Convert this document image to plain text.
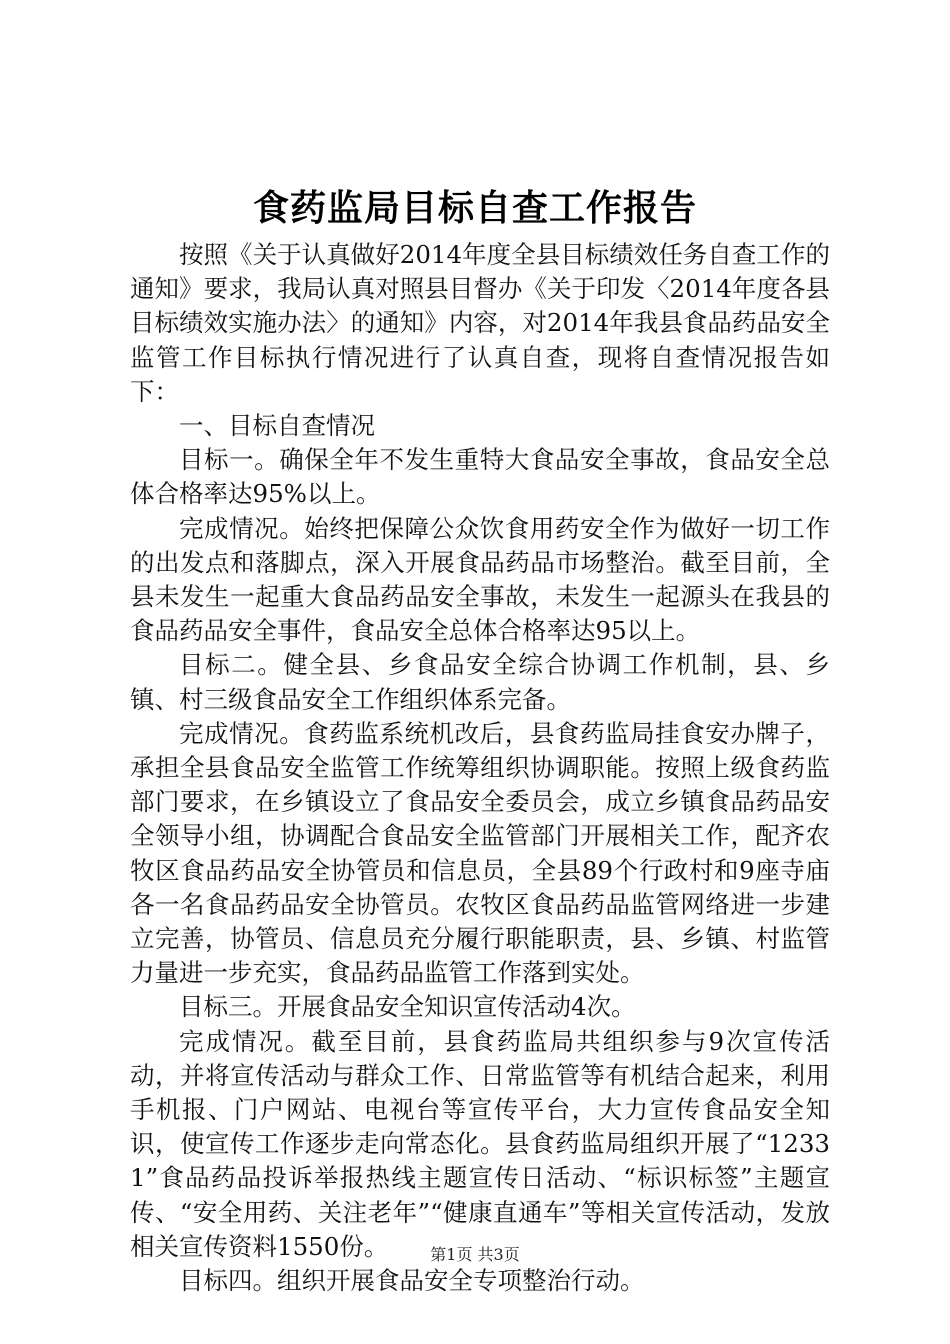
食药监局目标自查工作报告

按照《关于认真做好2014年度全县目标绩效任务自查工作的通知》要求，我局认真对照县目督办《关于印发〈2014年度各县目标绩效实施办法〉的通知》内容，对2014年我县食品药品安全监管工作目标执行情况进行了认真自查，现将自查情况报告如下：

一、目标自查情况

目标一。确保全年不发生重特大食品安全事故，食品安全总体合格率达95%以上。

完成情况。始终把保障公众饮食用药安全作为做好一切工作的出发点和落脚点，深入开展食品药品市场整治。截至目前，全县未发生一起重大食品药品安全事故，未发生一起源头在我县的食品药品安全事件，食品安全总体合格率达95以上。

目标二。健全县、乡食品安全综合协调工作机制，县、乡镇、村三级食品安全工作组织体系完备。

完成情况。食药监系统机改后，县食药监局挂食安办牌子，承担全县食品安全监管工作统筹组织协调职能。按照上级食药监部门要求，在乡镇设立了食品安全委员会，成立乡镇食品药品安全领导小组，协调配合食品安全监管部门开展相关工作，配齐农牧区食品药品安全协管员和信息员，全县89个行政村和9座寺庙各一名食品药品安全协管员。农牧区食品药品监管网络进一步建立完善，协管员、信息员充分履行职能职责，县、乡镇、村监管力量进一步充实，食品药品监管工作落到实处。

目标三。开展食品安全知识宣传活动4次。

完成情况。截至目前，县食药监局共组织参与9次宣传活动，并将宣传活动与群众工作、日常监管等有机结合起来，利用手机报、门户网站、电视台等宣传平台，大力宣传食品安全知识，使宣传工作逐步走向常态化。县食药监局组织开展了“12331”食品药品投诉举报热线主题宣传日活动、“标识标签”主题宣传、“安全用药、关注老年”“健康直通车”等相关宣传活动，发放相关宣传资料1550份。

目标四。组织开展食品安全专项整治行动。

第1页 共3页
